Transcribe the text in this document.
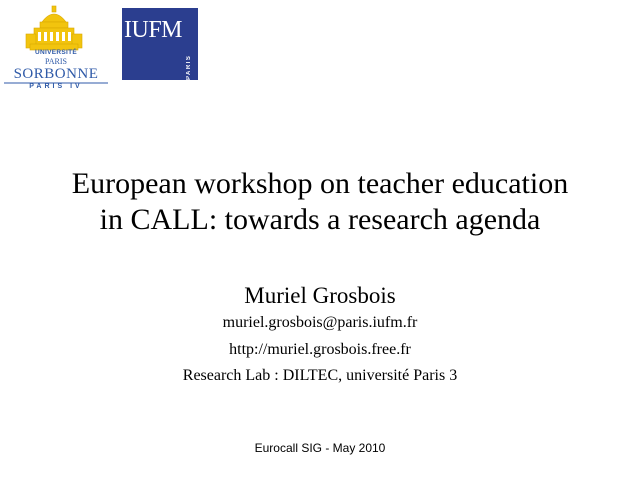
UNIVERSITÉ
PARIS
SORBONNE
PARIS IV
IUFM
PARIS
European workshop on teacher education
in CALL: towards a research agenda
Muriel Grosbois
muriel.grosbois@paris.iufm.fr
http://muriel.grosbois.free.fr
Research Lab : DILTEC, université Paris 3
Eurocall SIG - May 2010
